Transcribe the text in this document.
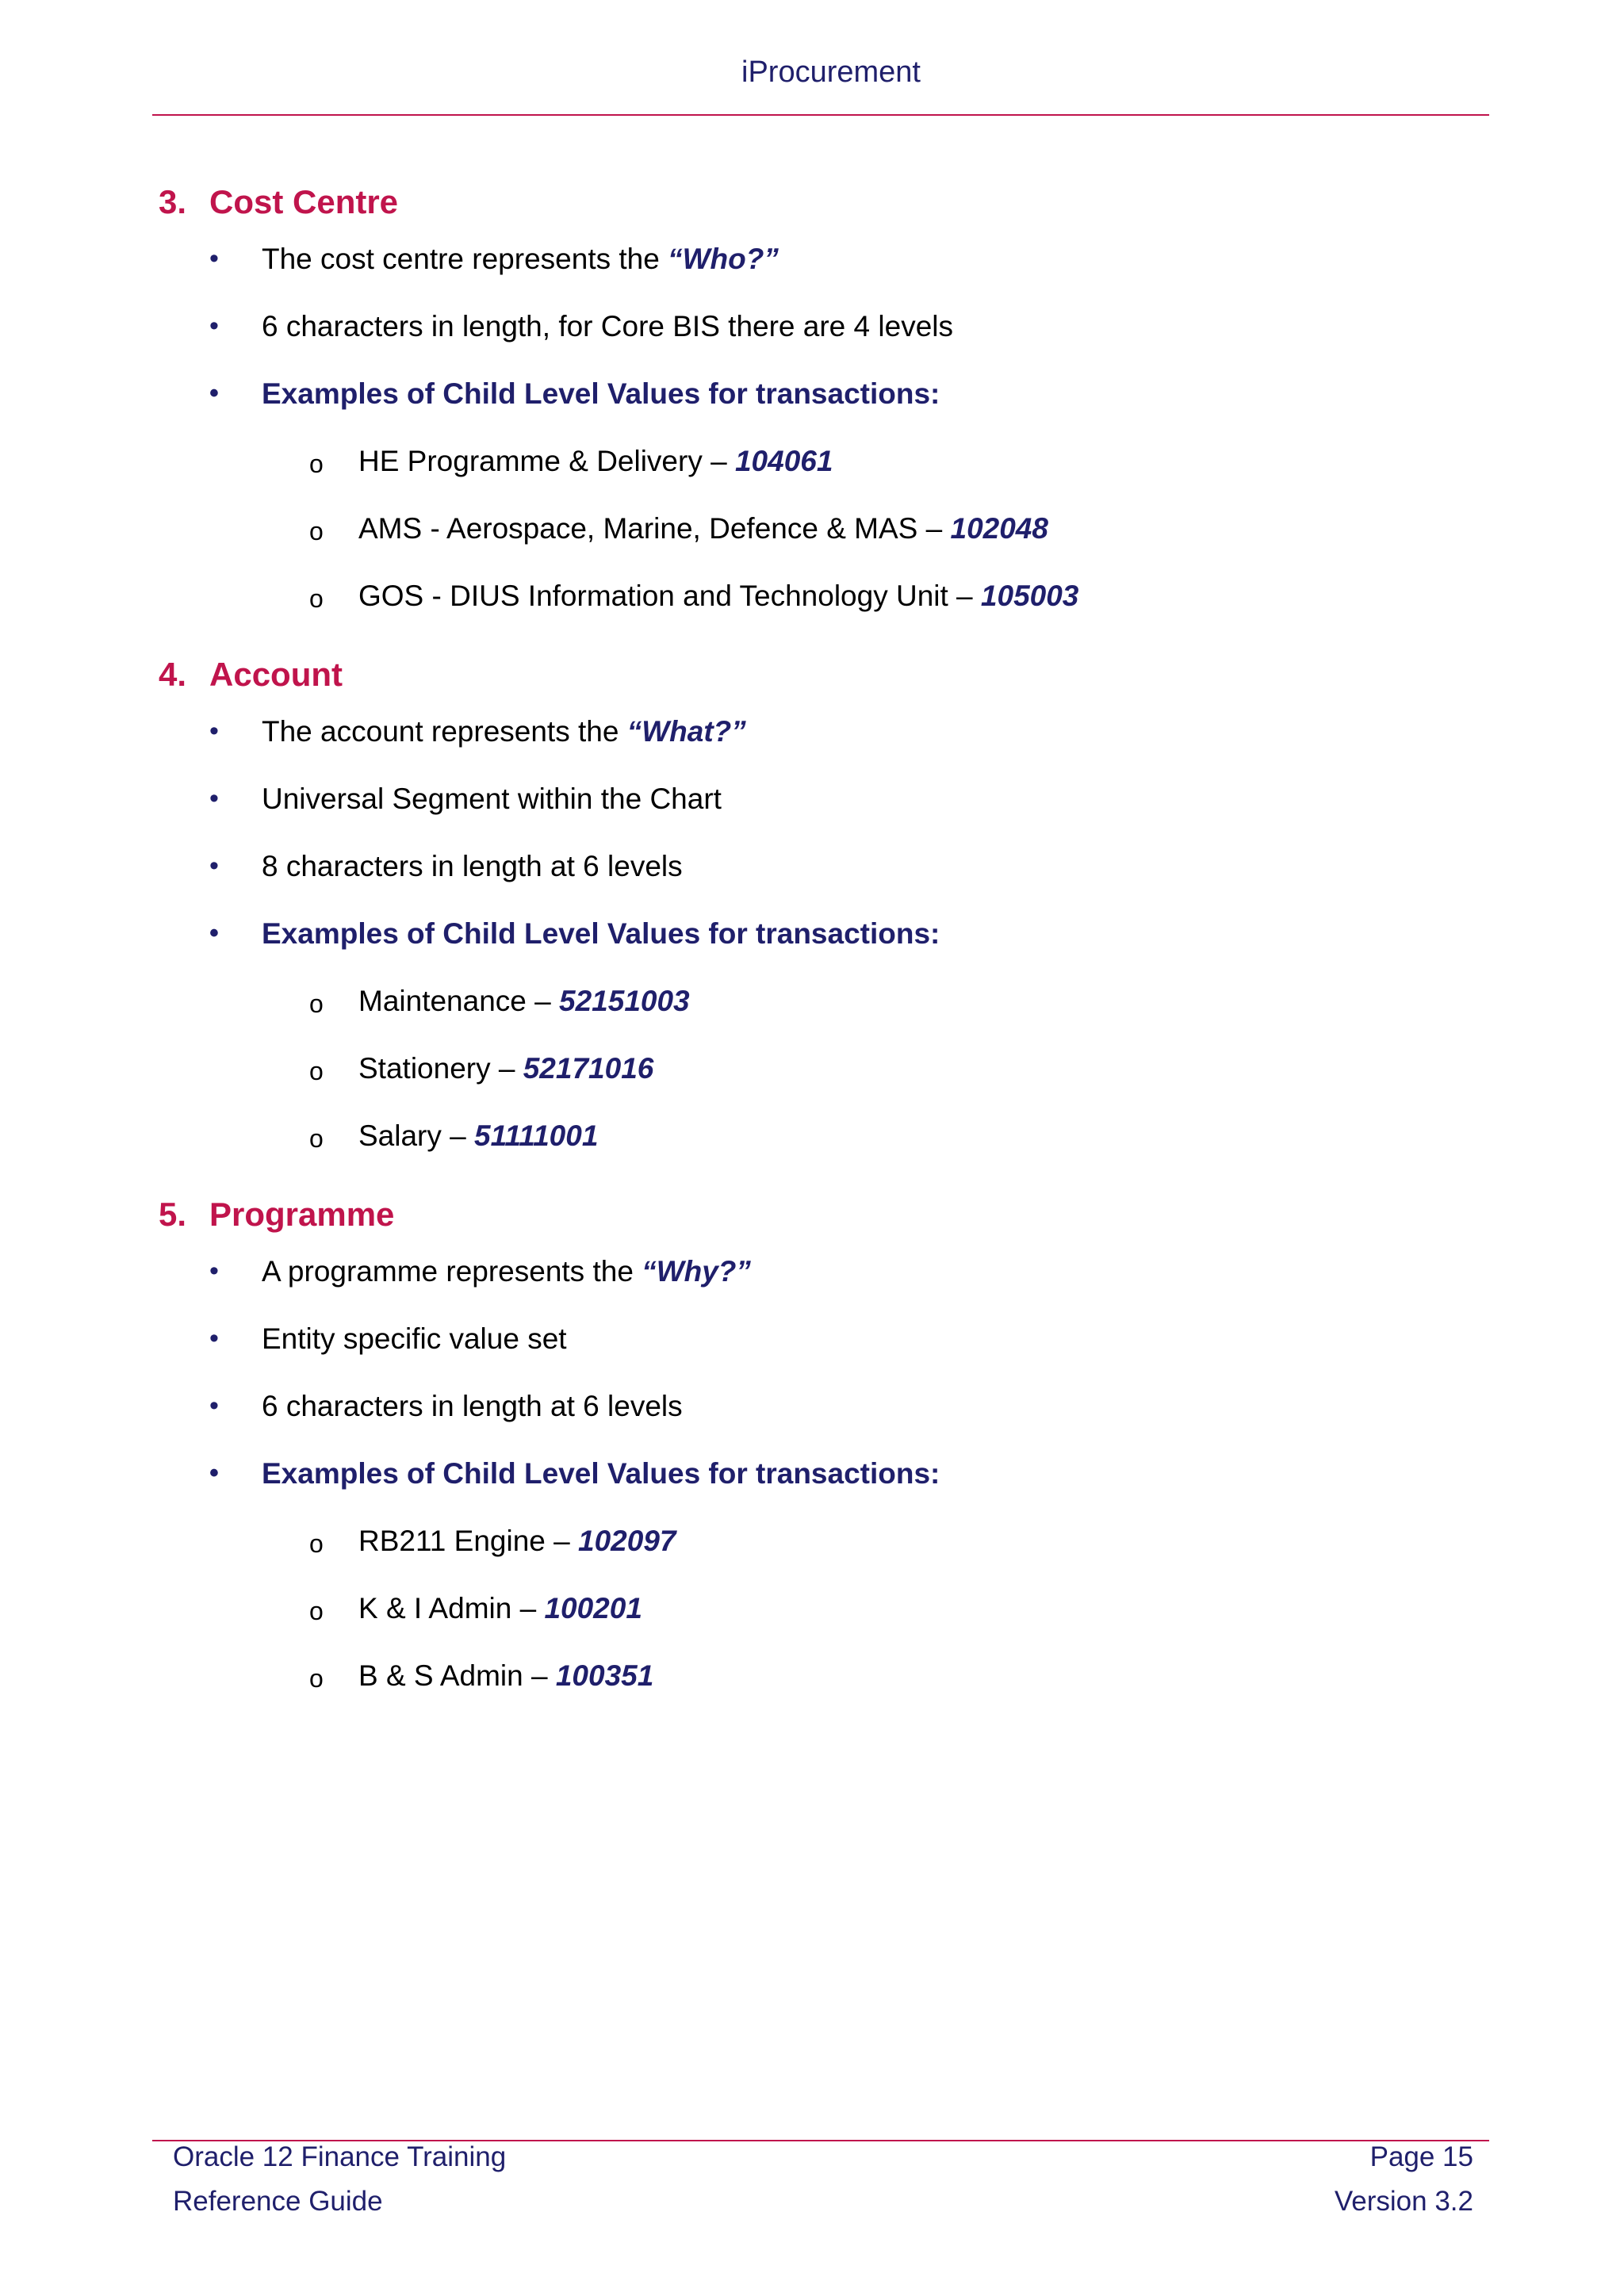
iProcurement
3. Cost Centre
• The cost centre represents the “Who?”
• 6 characters in length, for Core BIS there are 4 levels
• Examples of Child Level Values for transactions:
o HE Programme & Delivery – 104061
o AMS - Aerospace, Marine, Defence & MAS – 102048
o GOS - DIUS Information and Technology Unit – 105003
4. Account
• The account represents the “What?”
• Universal Segment within the Chart
• 8 characters in length at 6 levels
• Examples of Child Level Values for transactions:
o Maintenance – 52151003
o Stationery – 52171016
o Salary – 51111001
5. Programme
• A programme represents the “Why?”
• Entity specific value set
• 6 characters in length at 6 levels
• Examples of Child Level Values for transactions:
o RB211 Engine – 102097
o K & I Admin – 100201
o B & S Admin – 100351
Oracle 12 Finance Training
Reference Guide
Page 15
Version 3.2
